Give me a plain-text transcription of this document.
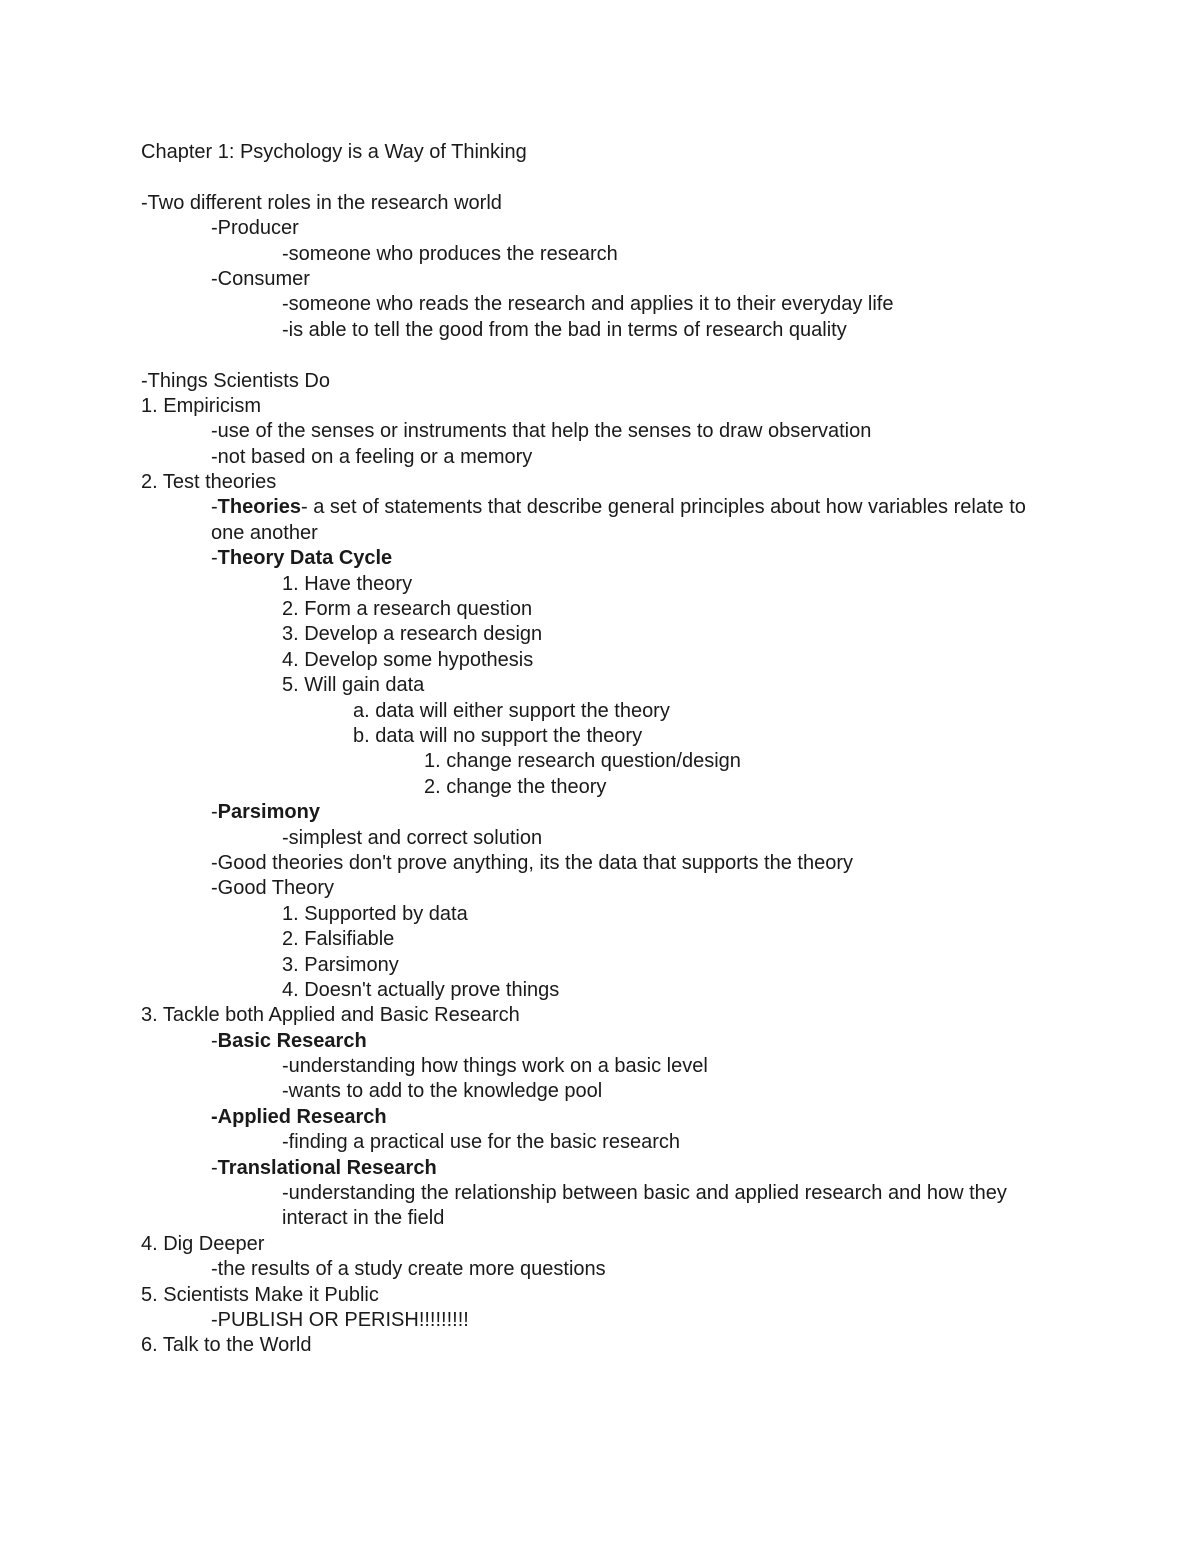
Chapter 1: Psychology is a Way of Thinking
-Two different roles in the research world
-Producer
-someone who produces the research
-Consumer
-someone who reads the research and applies it to their everyday life
-is able to tell the good from the bad in terms of research quality
-Things Scientists Do
1. Empiricism
-use of the senses or instruments that help the senses to draw observation
-not based on a feeling or a memory
2. Test theories
-Theories- a set of statements that describe general principles about how variables relate to one another
-Theory Data Cycle
1. Have theory
2. Form a research question
3. Develop a research design
4. Develop some hypothesis
5. Will gain data
a. data will either support the theory
b. data will no support the theory
1. change research question/design
2. change the theory
-Parsimony
-simplest and correct solution
-Good theories don't prove anything, its the data that supports the theory
-Good Theory
1. Supported by data
2. Falsifiable
3. Parsimony
4. Doesn't actually prove things
3. Tackle both Applied and Basic Research
-Basic Research
-understanding how things work on a basic level
-wants to add to the knowledge pool
-Applied Research
-finding a practical use for the basic research
-Translational Research
-understanding the relationship between basic and applied research and how they interact in the field
4. Dig Deeper
-the results of a study create more questions
5. Scientists Make it Public
-PUBLISH OR PERISH!!!!!!!!!
6. Talk to the World
